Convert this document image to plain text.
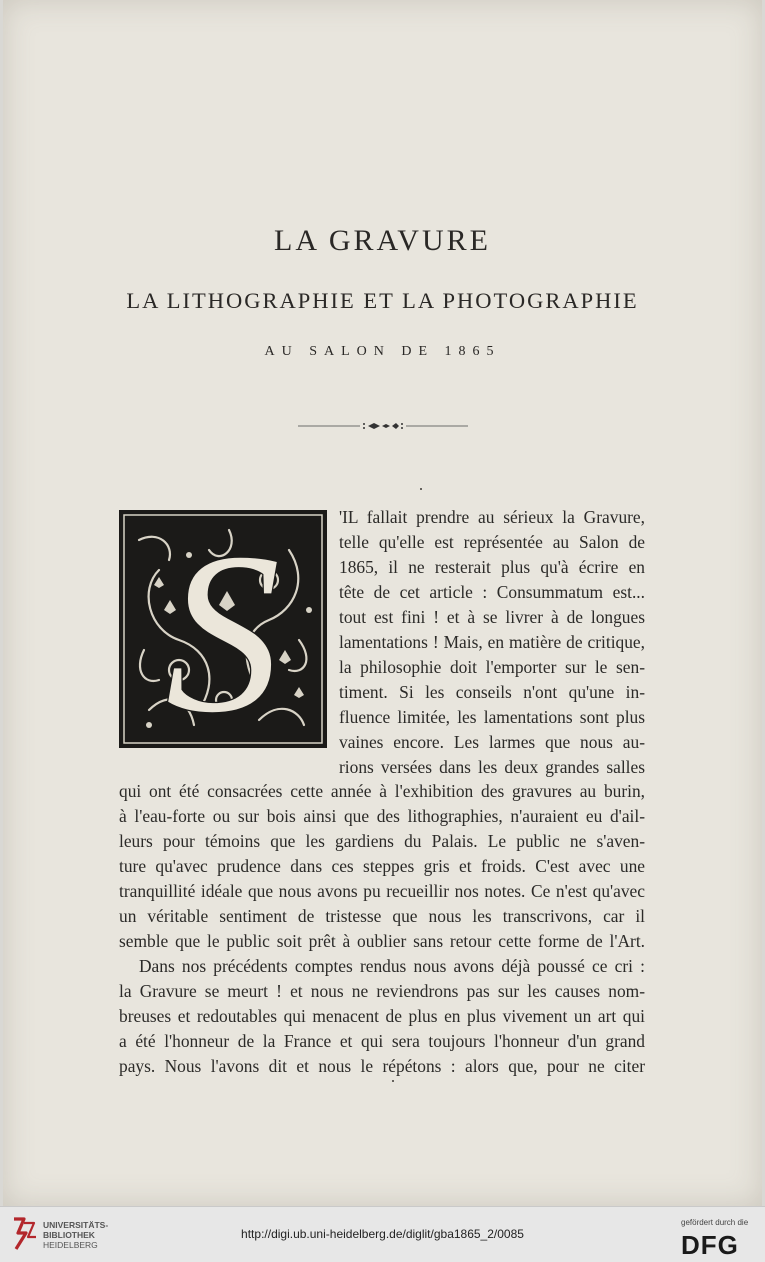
LA GRAVURE
LA LITHOGRAPHIE ET LA PHOTOGRAPHIE
AU SALON DE 1865
S	'IL fallait prendre au sérieux la Gravure,

telle qu'elle est représentée au Salon de

1865, il ne resterait plus qu'à écrire en

tête de cet article : Consummatum est...

tout est fini ! et à se livrer à de longues

lamentations ! Mais, en matière de critique,

la philosophie doit l'emporter sur le sen-

timent. Si les conseils n'ont qu'une in-

fluence limitée, les lamentations sont plus

vaines encore. Les larmes que nous au-

rions versées dans les deux grandes salles

qui ont été consacrées cette année à l'exhibition des gravures au burin,

à l'eau-forte ou sur bois ainsi que des lithographies, n'auraient eu d'ail-

leurs pour témoins que les gardiens du Palais. Le public ne s'aven-

ture qu'avec prudence dans ces steppes gris et froids. C'est avec une

tranquillité idéale que nous avons pu recueillir nos notes. Ce n'est qu'avec

un véritable sentiment de tristesse que nous les transcrivons, car il

semble que le public soit prêt à oublier sans retour cette forme de l'Art.

Dans nos précédents comptes rendus nous avons déjà poussé ce cri :

la Gravure se meurt ! et nous ne reviendrons pas sur les causes nom-

breuses et redoutables qui menacent de plus en plus vivement un art qui

a été l'honneur de la France et qui sera toujours l'honneur d'un grand

pays. Nous l'avons dit et nous le répétons : alors que, pour ne citer

UNIVERSITÄTS-
BIBLIOTHEK
HEIDELBERG
http://digi.ub.uni-heidelberg.de/diglit/gba1865_2/0085
gefördert durch die
DFG
